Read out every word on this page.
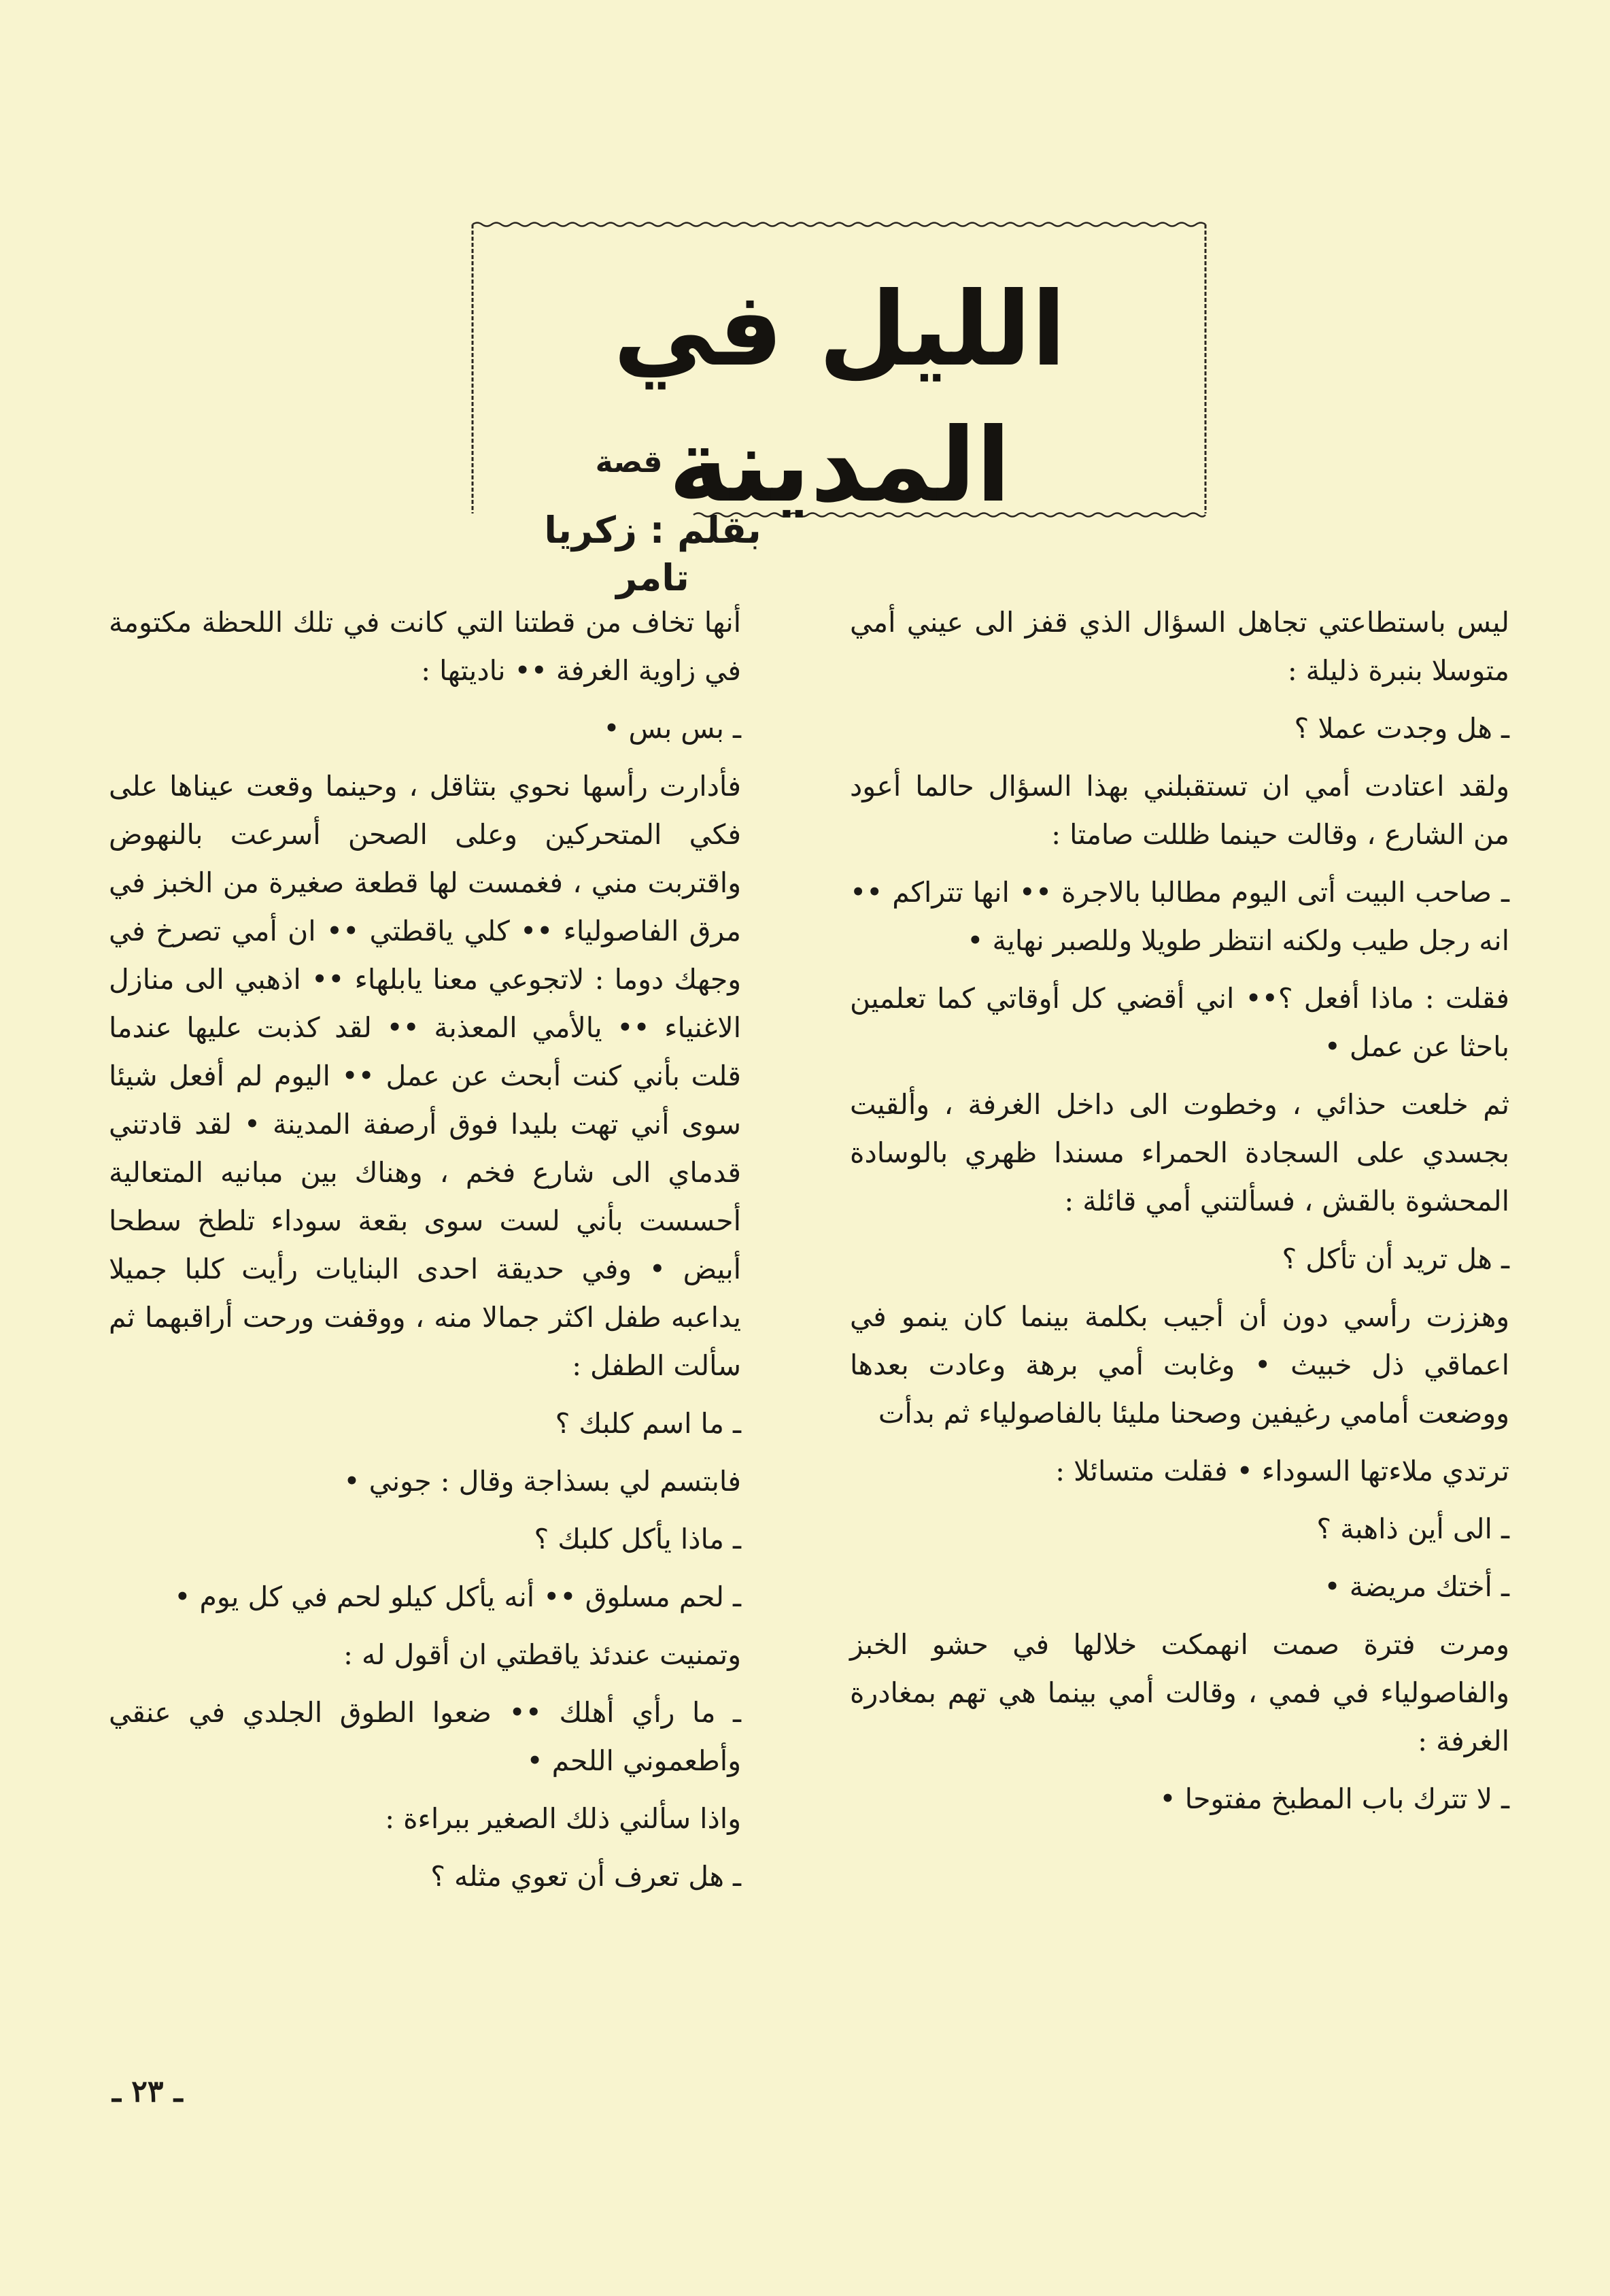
الليل في المدينة
قصة
بقلم : زكريا تامر

ليس باستطاعتي تجاهل السؤال الذي قفز الى عيني أمي متوسلا بنبرة ذليلة :

ـ هل وجدت عملا ؟

ولقد اعتادت أمي ان تستقبلني بهذا السؤال حالما أعود من الشارع ، وقالت حينما ظللت صامتا :

ـ صاحب البيت أتى اليوم مطالبا بالاجرة •• انها تتراكم •• انه رجل طيب ولكنه انتظر طويلا وللصبر نهاية •

فقلت : ماذا أفعل ؟•• اني أقضي كل أوقاتي كما تعلمين باحثا عن عمل •

ثم خلعت حذائي ، وخطوت الى داخل الغرفة ، وألقيت بجسدي على السجادة الحمراء مسندا ظهري بالوسادة المحشوة بالقش ، فسألتني أمي قائلة :

ـ هل تريد أن تأكل ؟

وهززت رأسي دون أن أجيب بكلمة بينما كان ينمو في اعماقي ذل خبيث • وغابت أمي برهة وعادت بعدها ووضعت أمامي رغيفين وصحنا مليئا بالفاصولياء ثم بدأت

ترتدي ملاءتها السوداء • فقلت متسائلا :

ـ الى أين ذاهبة ؟

ـ أختك مريضة •

ومرت فترة صمت انهمكت خلالها في حشو الخبز والفاصولياء في فمي ، وقالت أمي بينما هي تهم بمغادرة الغرفة :

ـ لا تترك باب المطبخ مفتوحا •

أنها تخاف من قطتنا التي كانت في تلك اللحظة مكتومة في زاوية الغرفة •• ناديتها :

ـ بس بس •

فأدارت رأسها نحوي بتثاقل ، وحينما وقعت عيناها على فكي المتحركين وعلى الصحن أسرعت بالنهوض واقتربت مني ، فغمست لها قطعة صغيرة من الخبز في مرق الفاصولياء •• كلي ياقطتي •• ان أمي تصرخ في وجهك دوما : لاتجوعي معنا يابلهاء •• اذهبي الى منازل الاغنياء •• يالأمي المعذبة •• لقد كذبت عليها عندما قلت بأني كنت أبحث عن عمل •• اليوم لم أفعل شيئا سوى أني تهت بليدا فوق أرصفة المدينة • لقد قادتني قدماي الى شارع فخم ، وهناك بين مبانيه المتعالية أحسست بأني لست سوى بقعة سوداء تلطخ سطحا أبيض • وفي حديقة احدى البنايات رأيت كلبا جميلا يداعبه طفل اكثر جمالا منه ، ووقفت ورحت أراقبهما ثم سألت الطفل :

ـ ما اسم كلبك ؟

فابتسم لي بسذاجة وقال : جوني •

ـ ماذا يأكل كلبك ؟

ـ لحم مسلوق •• أنه يأكل كيلو لحم في كل يوم •

وتمنيت عندئذ ياقطتي ان أقول له :

ـ ما رأي أهلك •• ضعوا الطوق الجلدي في عنقي وأطعموني اللحم •

واذا سألني ذلك الصغير ببراءة :

ـ هل تعرف أن تعوي مثله ؟

ـ ٢٣ ـ
